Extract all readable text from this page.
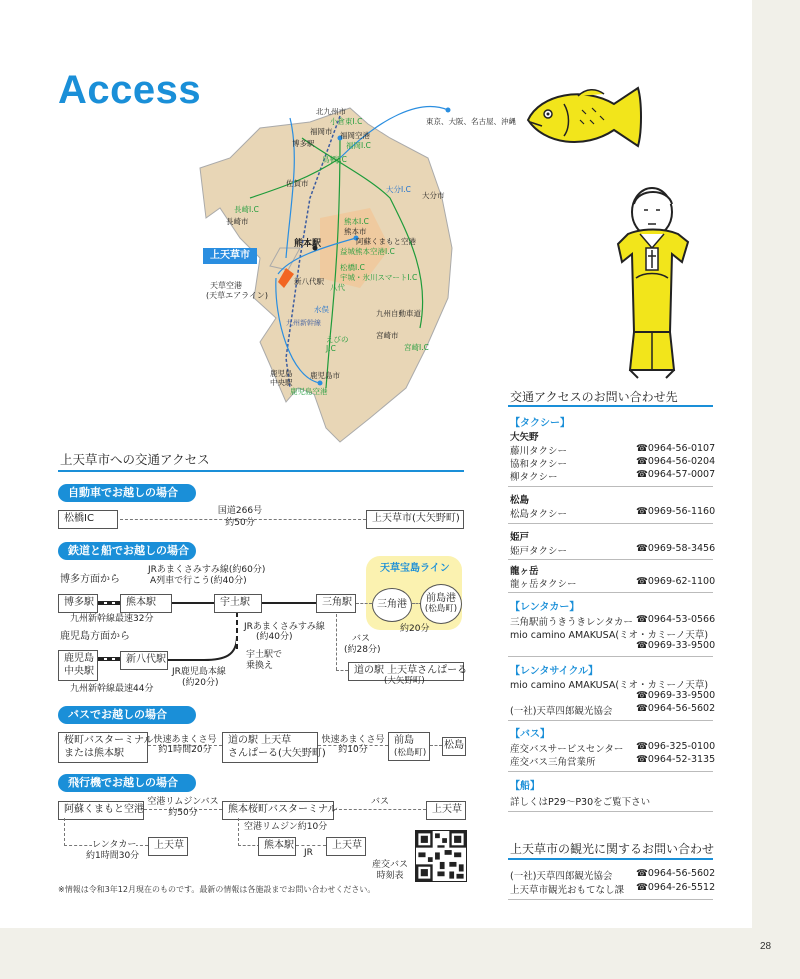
Access	北九州市
小倉東I.C
福岡市 福岡空港
博多駅	福岡I.C
鳥栖J.C
東京、大阪、名古屋、沖縄
佐賀市
大分I.C
大分市
長崎市
長崎I.C
熊本I.C
熊本市
阿蘇くまもと空港
益城熊本空港I.C
熊本駅
松橋I.C
宇城・氷川スマートI.C
八代
新八代駅
天草空港
(天草エアライン)
九州新幹線
水俣	九州自動車道
宮崎市
宮崎I.C
えびの
J.C
鹿児島市
鹿児島
中央駅
鹿児島空港
上天草市
上天草市への交通アクセス
自動車でお越しの場合
松橋IC
国道266号
約50分	上天草市(大矢野町)
鉄道と船でお越しの場合
博多方面から
JRあまくさみすみ線(約60分)
A列車で行こう(約40分)
天草宝島ライン
博多駅	熊本駅
九州新幹線最速32分
宇土駅	三角駅	三角港
前島港
(松島町)
約20分
鹿児島方面から
鹿児島
中央駅
新八代駅
JR鹿児島本線
(約20分)
九州新幹線最速44分
JRあまくさみすみ線
(約40分)
宇土駅で
乗換え
バス
(約28分)
道の駅 上天草さんぱーる
(大矢野町)
バスでお越しの場合
桜町バスターミナル
または熊本駅
快速あまくさ号
約1時間20分
道の駅 上天草
さんぱーる(大矢野町)
快速あまくさ号
約10分
前島
(松島町)
松島
飛行機でお越しの場合
阿蘇くまもと空港
空港リムジンバス
約50分	熊本桜町バスターミナル
バス
上天草
空港リムジン約10分
熊本駅
JR
上天草
レンタカー
約1時間30分
上天草
産交バス
時刻表
※情報は令和3年12月現在のものです。最新の情報は各施設までお問い合わせください。
交通アクセスのお問い合わせ先
【タクシー】
大矢野
藤川タクシー	☎0964-56-0107
協和タクシー	☎0964-56-0204
柳タクシー	☎0964-57-0007
松島
松島タクシー	☎0969-56-1160
姫戸
姫戸タクシー	☎0969-58-3456
龍ヶ岳
龍ヶ岳タクシー	☎0969-62-1100
【レンタカー】
三角駅前うきうきレンタカー ☎0964-53-0566
mio camino AMAKUSA(ミオ・カミーノ天草)
☎0969-33-9500
【レンタサイクル】
mio camino AMAKUSA(ミオ・カミーノ天草)
☎0969-33-9500
(一社)天草四郎観光協会 ☎0964-56-5602
【バス】
産交バスサービスセンター ☎096-325-0100
産交バス三角営業所	☎0964-52-3135
【船】
詳しくはP29〜P30をご覧下さい
上天草市の観光に関するお問い合わせ
(一社)天草四郎観光協会 ☎0964-56-5602
上天草市観光おもてなし課 ☎0964-26-5512
28
